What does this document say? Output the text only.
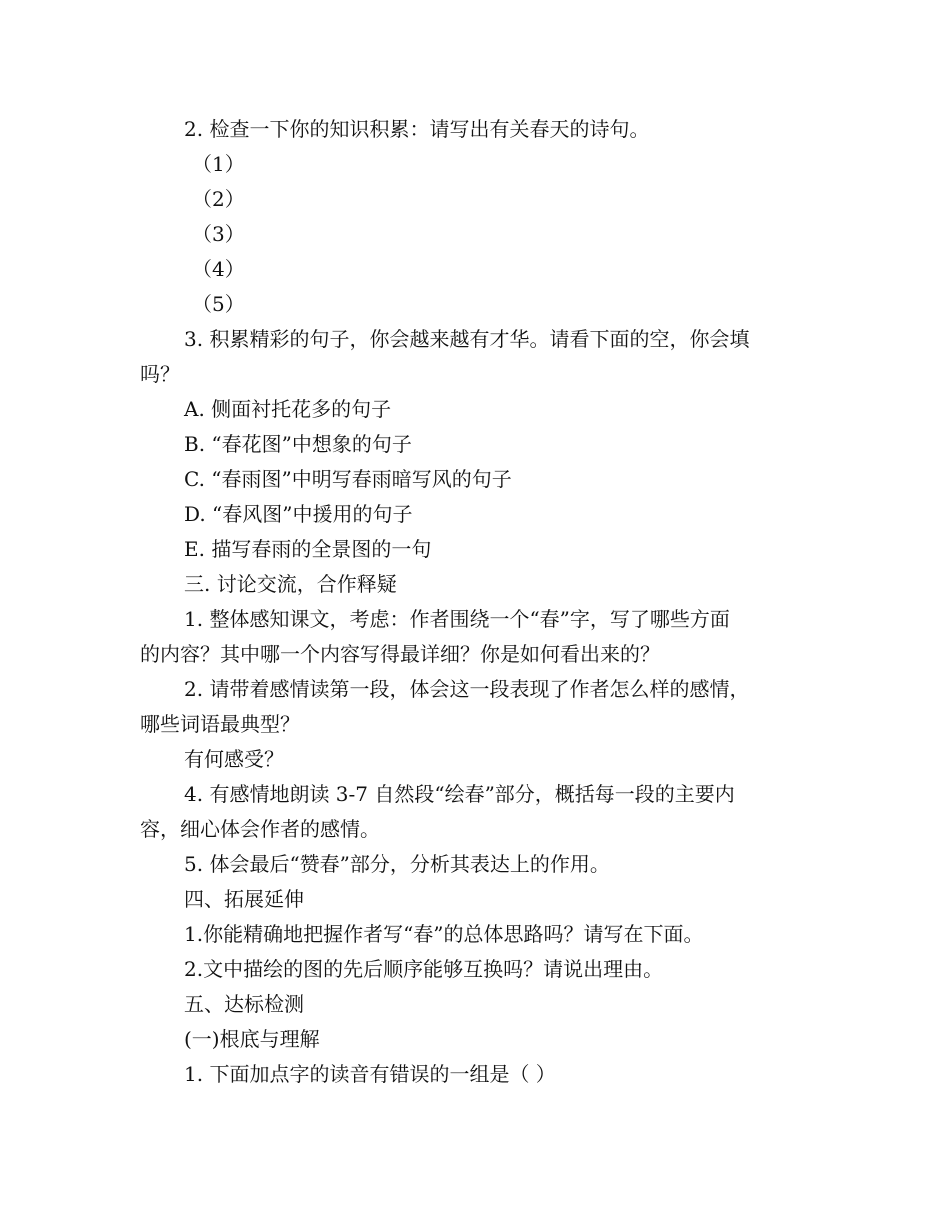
2. 检查一下你的知识积累：请写出有关春天的诗句。
（1）
（2）
（3）
（4）
（5）
3. 积累精彩的句子，你会越来越有才华。请看下面的空，你会填
吗？
A. 侧面衬托花多的句子
B. “春花图”中想象的句子
C. “春雨图”中明写春雨暗写风的句子
D. “春风图”中援用的句子
E. 描写春雨的全景图的一句
三. 讨论交流，合作释疑
1. 整体感知课文，考虑：作者围绕一个“春”字，写了哪些方面
的内容？其中哪一个内容写得最详细？你是如何看出来的？
2. 请带着感情读第一段，体会这一段表现了作者怎么样的感情，
哪些词语最典型？
有何感受？
4. 有感情地朗读 3-7 自然段“绘春”部分，概括每一段的主要内
容，细心体会作者的感情。
5. 体会最后“赞春”部分，分析其表达上的作用。
四、拓展延伸
1.你能精确地把握作者写“春”的总体思路吗？请写在下面。
2.文中描绘的图的先后顺序能够互换吗？请说出理由。
五、达标检测
(一)根底与理解
1. 下面加点字的读音有错误的一组是（ ）
